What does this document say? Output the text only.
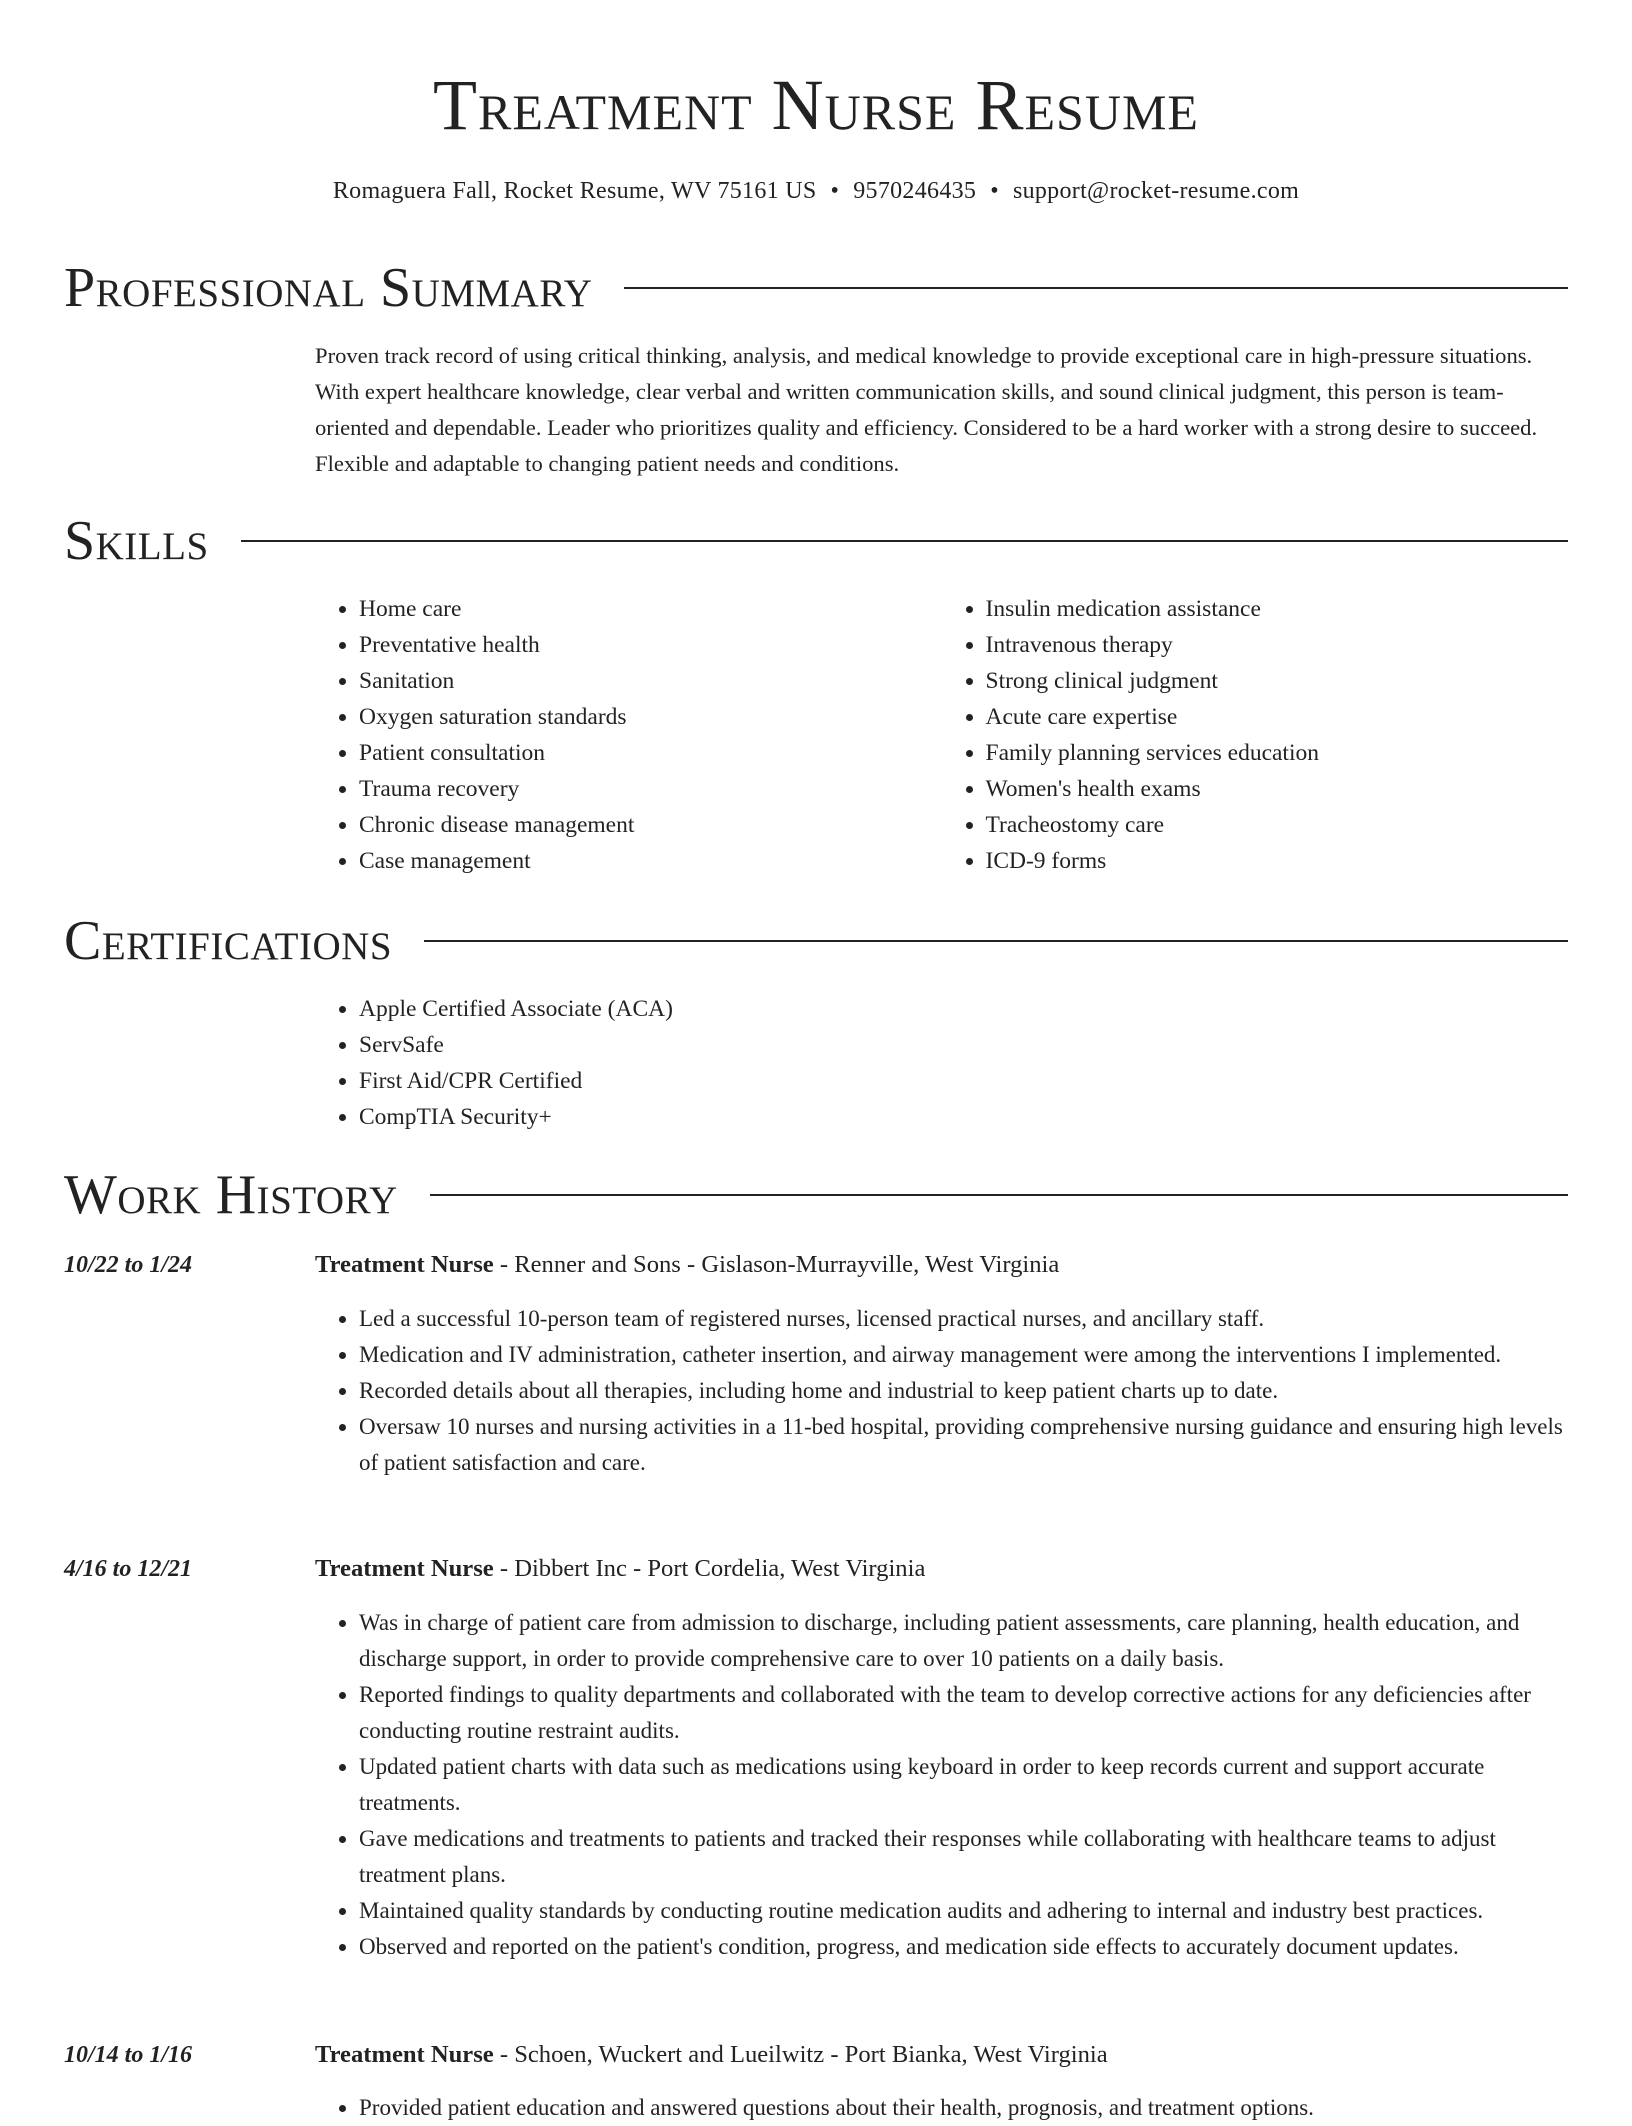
Treatment Nurse Resume
Romaguera Fall, Rocket Resume, WV 75161 US • 9570246435 • support@rocket-resume.com
Professional Summary

Proven track record of using critical thinking, analysis, and medical knowledge to provide exceptional care in high-pressure situations. With expert healthcare knowledge, clear verbal and written communication skills, and sound clinical judgment, this person is team-oriented and dependable. Leader who prioritizes quality and efficiency. Considered to be a hard worker with a strong desire to succeed. Flexible and adaptable to changing patient needs and conditions.

Skills
• Home care
• Preventative health
• Sanitation
• Oxygen saturation standards
• Patient consultation
• Trauma recovery
• Chronic disease management
• Case management
• Insulin medication assistance
• Intravenous therapy
• Strong clinical judgment
• Acute care expertise
• Family planning services education
• Women's health exams
• Tracheostomy care
• ICD-9 forms
Certifications
• Apple Certified Associate (ACA)
• ServSafe
• First Aid/CPR Certified
• CompTIA Security+
Work History
10/22 to 1/24	Treatment Nurse - Renner and Sons - Gislason-Murrayville, West Virginia
• Led a successful 10-person team of registered nurses, licensed practical nurses, and ancillary staff.
• Medication and IV administration, catheter insertion, and airway management were among the interventions I implemented.
• Recorded details about all therapies, including home and industrial to keep patient charts up to date.
• Oversaw 10 nurses and nursing activities in a 11-bed hospital, providing comprehensive nursing guidance and ensuring high levels of patient satisfaction and care.
4/16 to 12/21	Treatment Nurse - Dibbert Inc - Port Cordelia, West Virginia
• Was in charge of patient care from admission to discharge, including patient assessments, care planning, health education, and discharge support, in order to provide comprehensive care to over 10 patients on a daily basis.
• Reported findings to quality departments and collaborated with the team to develop corrective actions for any deficiencies after conducting routine restraint audits.
• Updated patient charts with data such as medications using keyboard in order to keep records current and support accurate treatments.
• Gave medications and treatments to patients and tracked their responses while collaborating with healthcare teams to adjust treatment plans.
• Maintained quality standards by conducting routine medication audits and adhering to internal and industry best practices.
• Observed and reported on the patient's condition, progress, and medication side effects to accurately document updates.
10/14 to 1/16	Treatment Nurse - Schoen, Wuckert and Lueilwitz - Port Bianka, West Virginia
• Provided patient education and answered questions about their health, prognosis, and treatment options.
